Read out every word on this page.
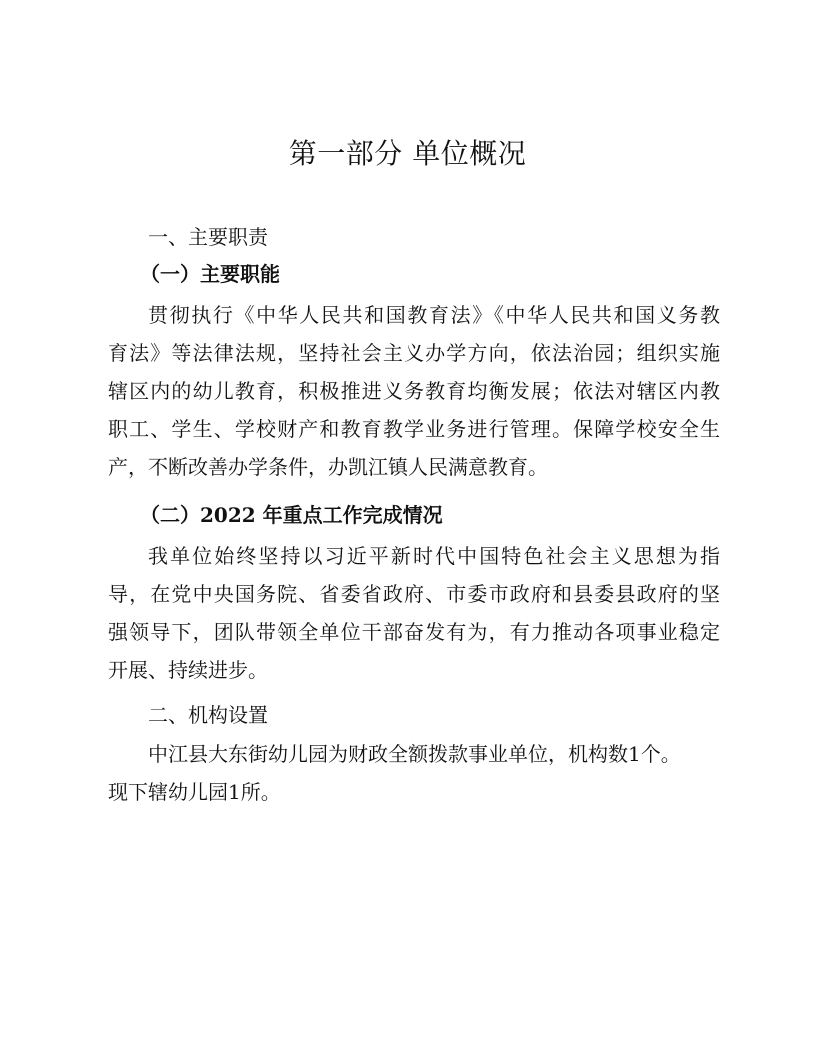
第一部分 单位概况
一、主要职责
（一）主要职能
贯彻执行《中华人民共和国教育法》《中华人民共和国义务教
育法》等法律法规，坚持社会主义办学方向，依法治园；组织实施
辖区内的幼儿教育，积极推进义务教育均衡发展；依法对辖区内教
职工、学生、学校财产和教育教学业务进行管理。保障学校安全生
产，不断改善办学条件，办凯江镇人民满意教育。
（二）2022 年重点工作完成情况
我单位始终坚持以习近平新时代中国特色社会主义思想为指
导，在党中央国务院、省委省政府、市委市政府和县委县政府的坚
强领导下，团队带领全单位干部奋发有为，有力推动各项事业稳定
开展、持续进步。
二、机构设置
中江县大东街幼儿园为财政全额拨款事业单位，机构数1个。
现下辖幼儿园1所。
